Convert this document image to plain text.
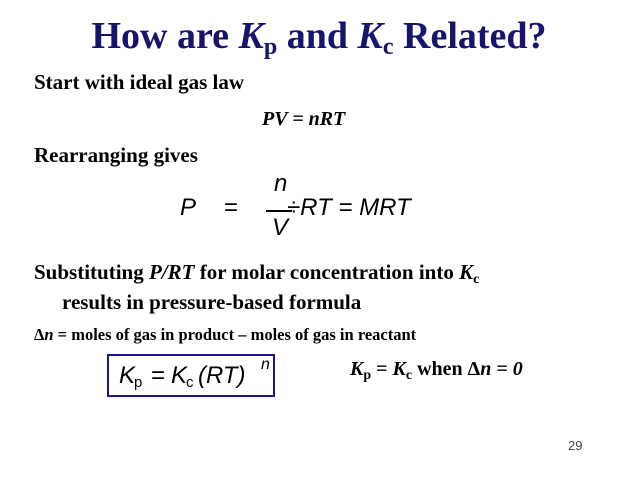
How are $K_p$ and $K_c$ Related?
Start with ideal gas law
PV = nRT
Rearranging gives
P =
n
V
÷RT = MRT
Substituting P/RT for molar concentration into $K_c$
results in pressure-based formula
Δn = moles of gas in product – moles of gas in reactant
K
p = K
c (RT) n	$K_p = K_c$ when Δn = 0
29
